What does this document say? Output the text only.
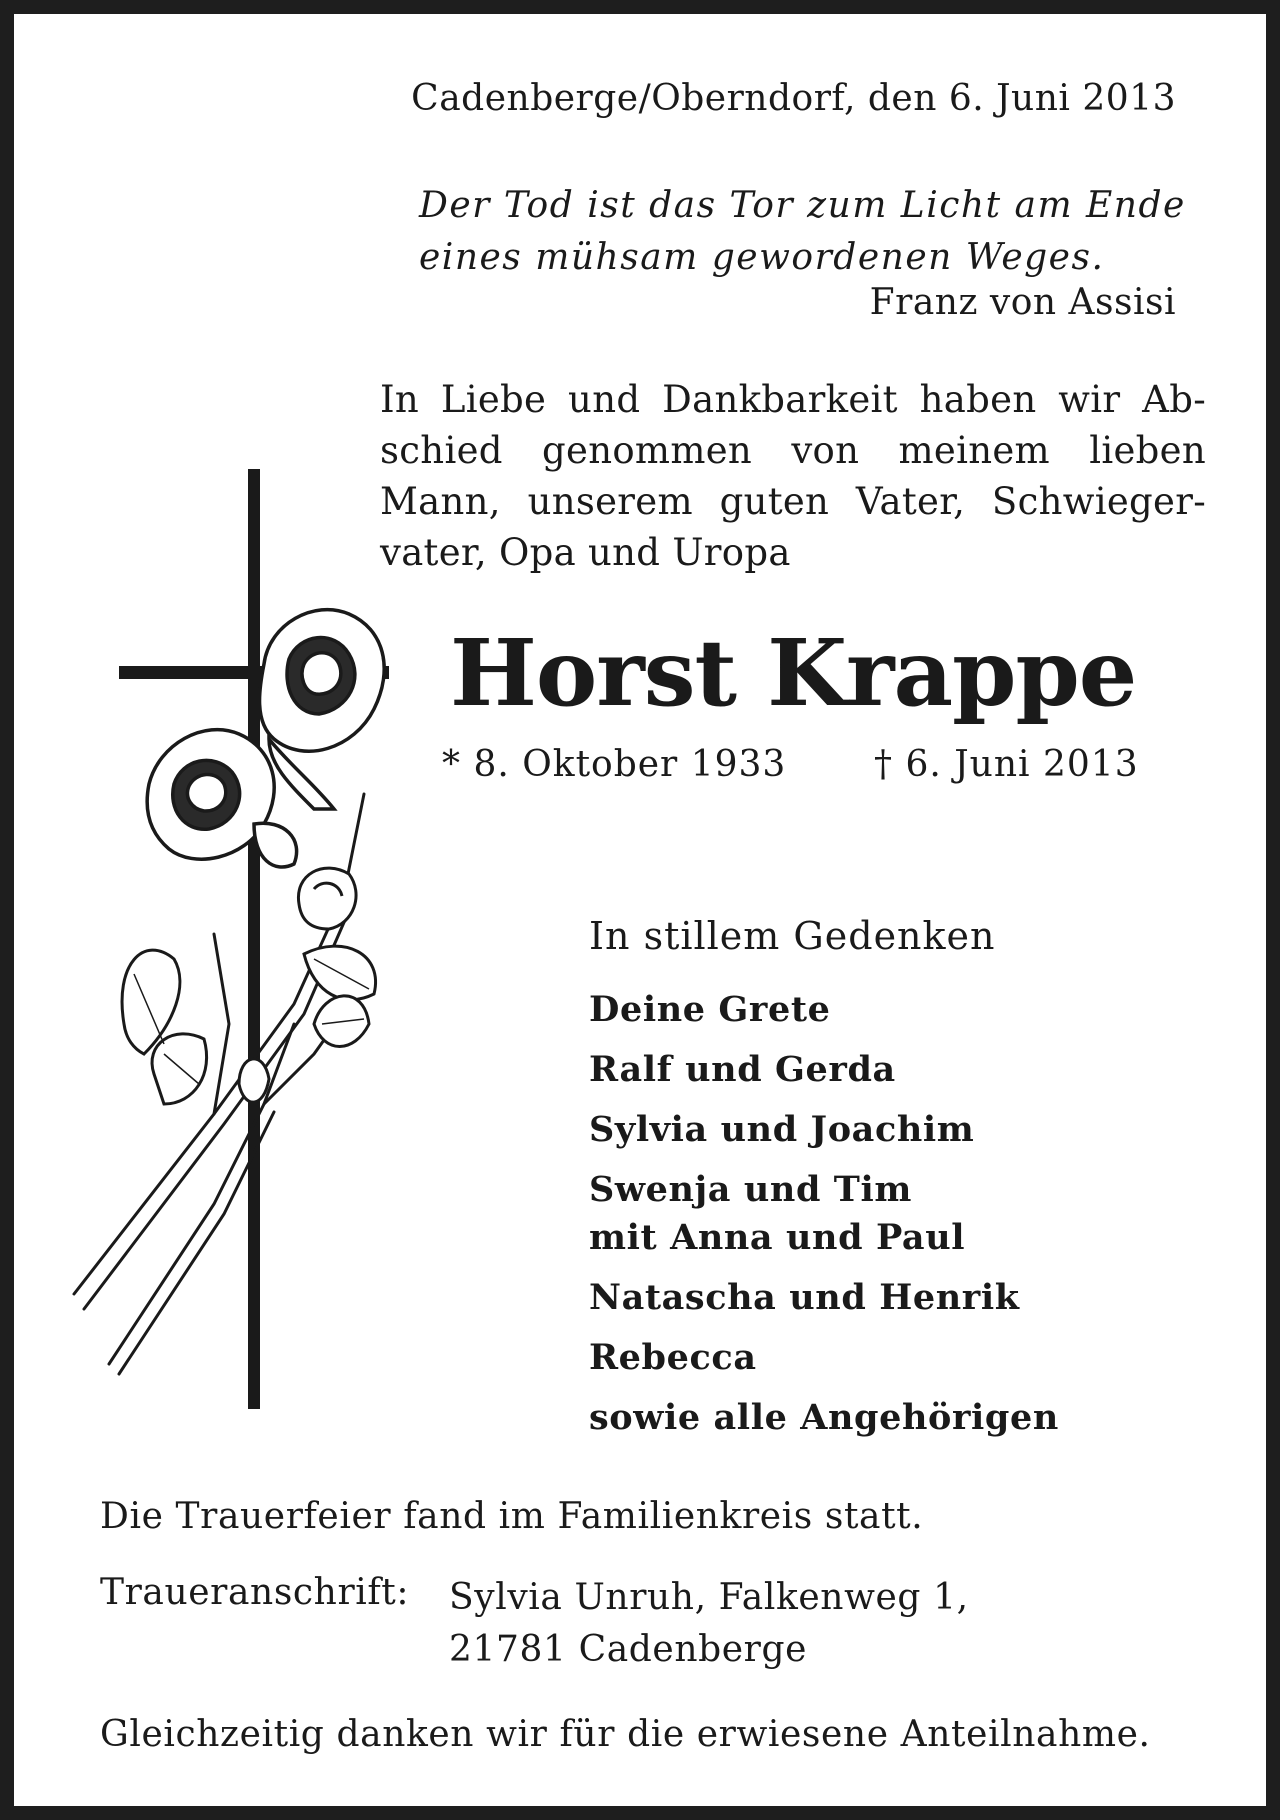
Cadenberge/Oberndorf, den 6. Juni 2013
Der Tod ist das Tor zum Licht am Ende
eines mühsam gewordenen Weges.
Franz von Assisi
In Liebe und Dankbarkeit haben wir Ab-
schied genommen von meinem lieben
Mann, unserem guten Vater, Schwieger-
vater, Opa und Uropa
Horst Krappe
* 8. Oktober 1933 † 6. Juni 2013
In stillem Gedenken
Deine Grete
Ralf und Gerda
Sylvia und Joachim
Swenja und Tim
mit Anna und Paul
Natascha und Henrik
Rebecca
sowie alle Angehörigen
Die Trauerfeier fand im Familienkreis statt.
Traueranschrift: Sylvia Unruh, Falkenweg 1,
21781 Cadenberge
Gleichzeitig danken wir für die erwiesene Anteilnahme.
